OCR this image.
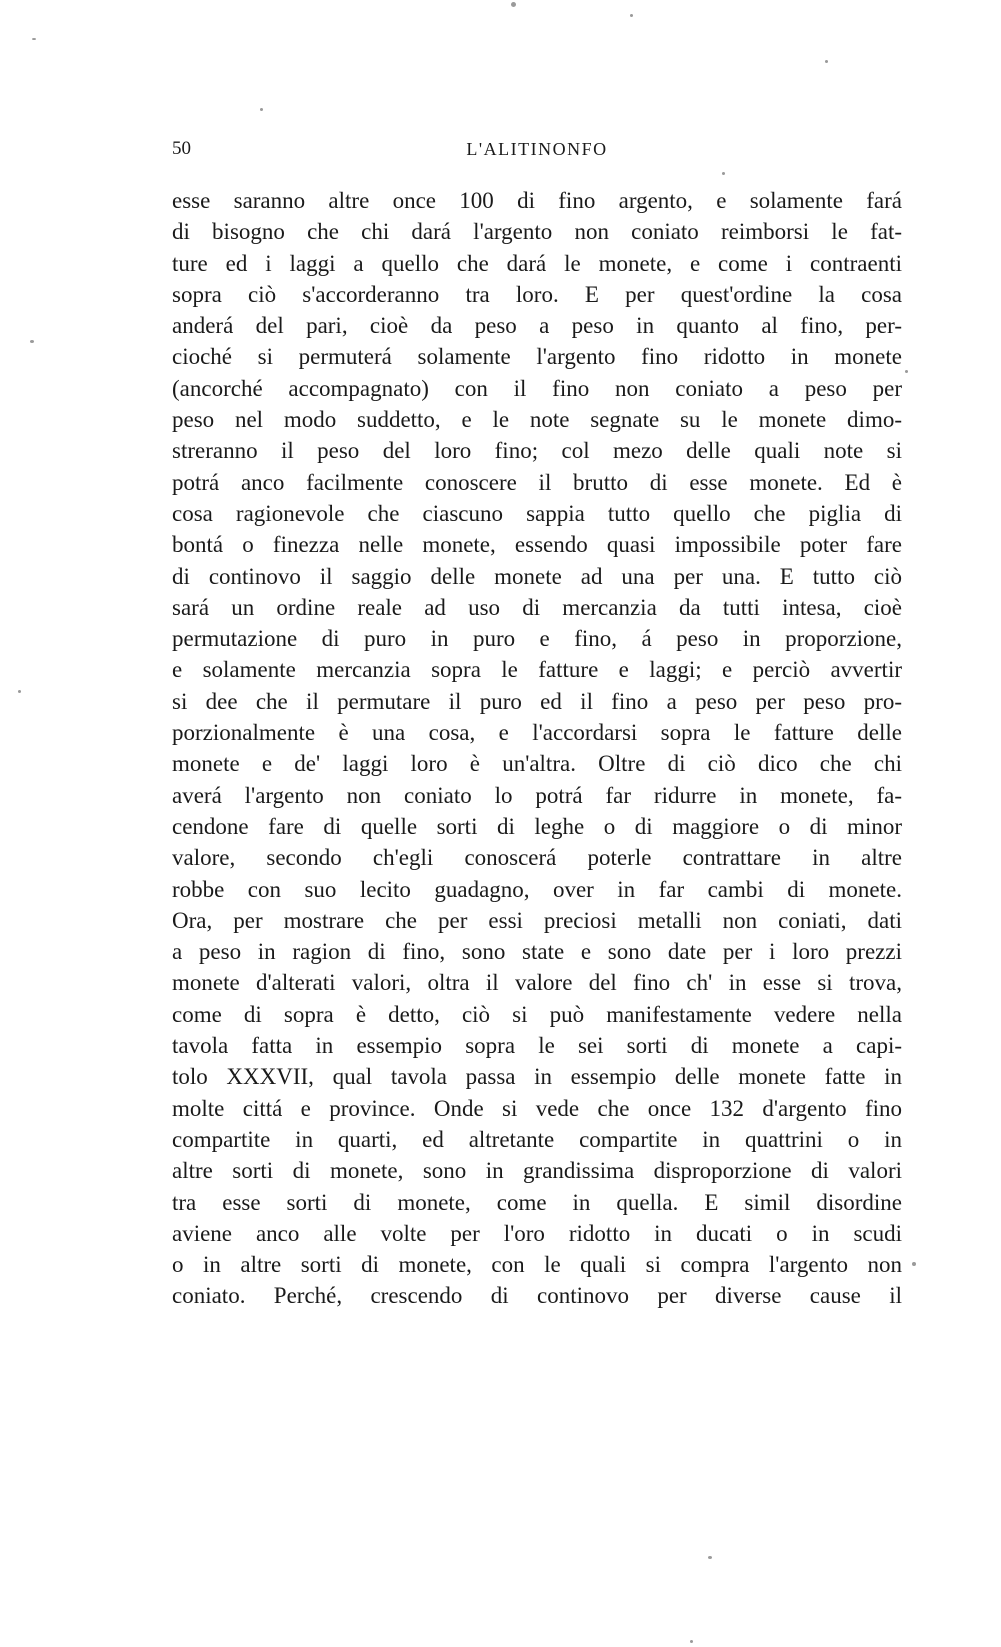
50	L'ALITINONFO
esse saranno altre once 100 di fino argento, e solamente fará
di bisogno che chi dará l'argento non coniato reimborsi le fat-
ture ed i laggi a quello che dará le monete, e come i contraenti
sopra ciò s'accorderanno tra loro. E per quest'ordine la cosa
anderá del pari, cioè da peso a peso in quanto al fino, per-
cioché si permuterá solamente l'argento fino ridotto in monete
(ancorché accompagnato) con il fino non coniato a peso per
peso nel modo suddetto, e le note segnate su le monete dimo-
streranno il peso del loro fino; col mezo delle quali note si
potrá anco facilmente conoscere il brutto di esse monete. Ed è
cosa ragionevole che ciascuno sappia tutto quello che piglia di
bontá o finezza nelle monete, essendo quasi impossibile poter fare
di continovo il saggio delle monete ad una per una. E tutto ciò
sará un ordine reale ad uso di mercanzia da tutti intesa, cioè
permutazione di puro in puro e fino, á peso in proporzione,
e solamente mercanzia sopra le fatture e laggi; e perciò avvertir
si dee che il permutare il puro ed il fino a peso per peso pro-
porzionalmente è una cosa, e l'accordarsi sopra le fatture delle
monete e de' laggi loro è un'altra. Oltre di ciò dico che chi
averá l'argento non coniato lo potrá far ridurre in monete, fa-
cendone fare di quelle sorti di leghe o di maggiore o di minor
valore, secondo ch'egli conoscerá poterle contrattare in altre
robbe con suo lecito guadagno, over in far cambi di monete.
Ora, per mostrare che per essi preciosi metalli non coniati, dati
a peso in ragion di fino, sono state e sono date per i loro prezzi
monete d'alterati valori, oltra il valore del fino ch' in esse si trova,
come di sopra è detto, ciò si può manifestamente vedere nella
tavola fatta in essempio sopra le sei sorti di monete a capi-
tolo XXXVII, qual tavola passa in essempio delle monete fatte in
molte cittá e province. Onde si vede che once 132 d'argento fino
compartite in quarti, ed altretante compartite in quattrini o in
altre sorti di monete, sono in grandissima disproporzione di valori
tra esse sorti di monete, come in quella. E simil disordine
aviene anco alle volte per l'oro ridotto in ducati o in scudi
o in altre sorti di monete, con le quali si compra l'argento non
coniato. Perché, crescendo di continovo per diverse cause il
